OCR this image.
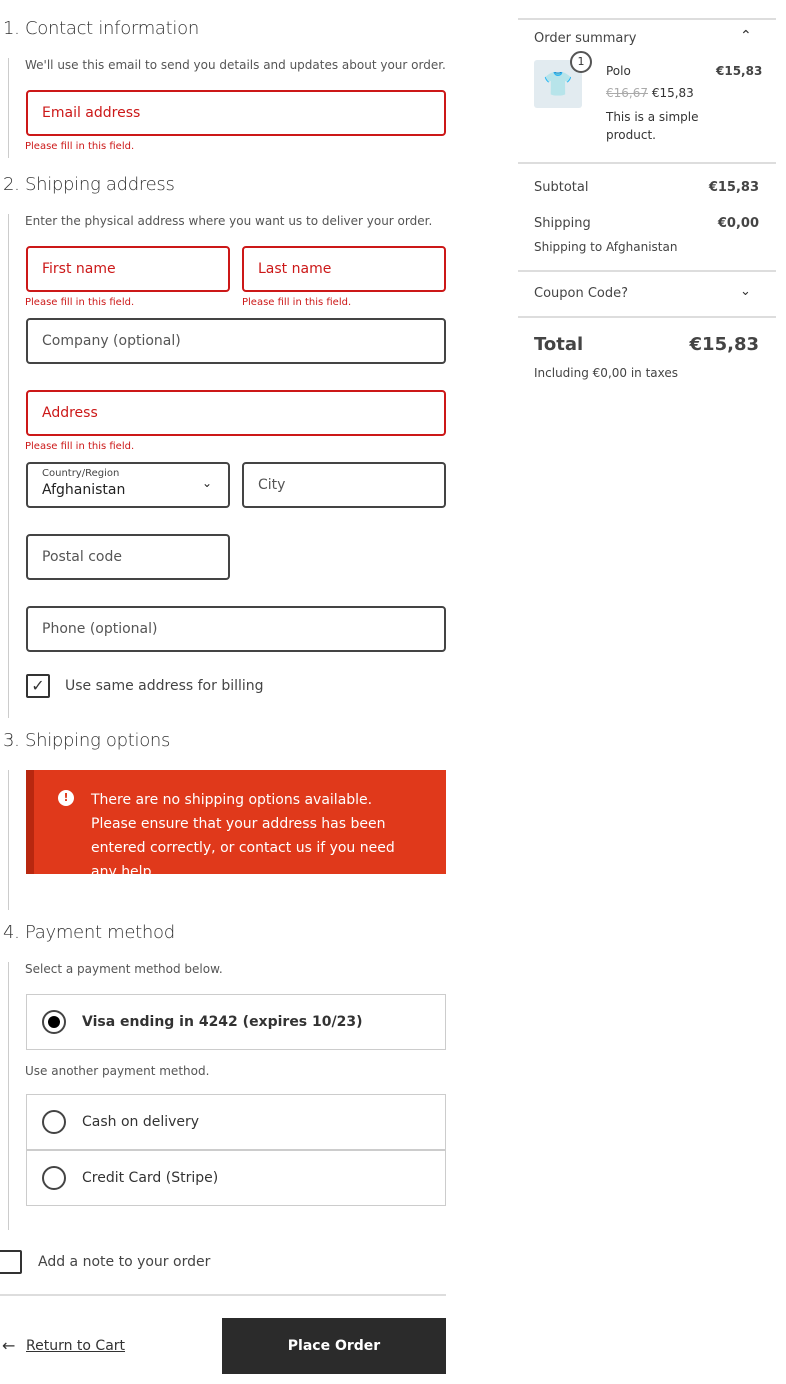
1. Contact information
We'll use this email to send you details and updates about your order.
Email address
Please fill in this field.
2. Shipping address
Enter the physical address where you want us to deliver your order.
First name	Last name
Please fill in this field.	Please fill in this field.
Company (optional)
Address
Please fill in this field.
Country/Region
Afghanistan	⌄	City
Postal code
Phone (optional)
✓	Use same address for billing
3. Shipping options
!	There are no shipping options available. Please ensure that your address has been entered correctly, or contact us if you need any help.
4. Payment method
Select a payment method below.
Visa ending in 4242 (expires 10/23)
Use another payment method.
Cash on delivery
Credit Card (Stripe)
Add a note to your order
← Return to Cart	Place Order
Order summary	⌃
👕
1
Polo	€15,83
€16,67 €15,83
This is a simple product.
Subtotal	€15,83
Shipping	€0,00
Shipping to Afghanistan
Coupon Code?	⌄
Total	€15,83
Including €0,00 in taxes
